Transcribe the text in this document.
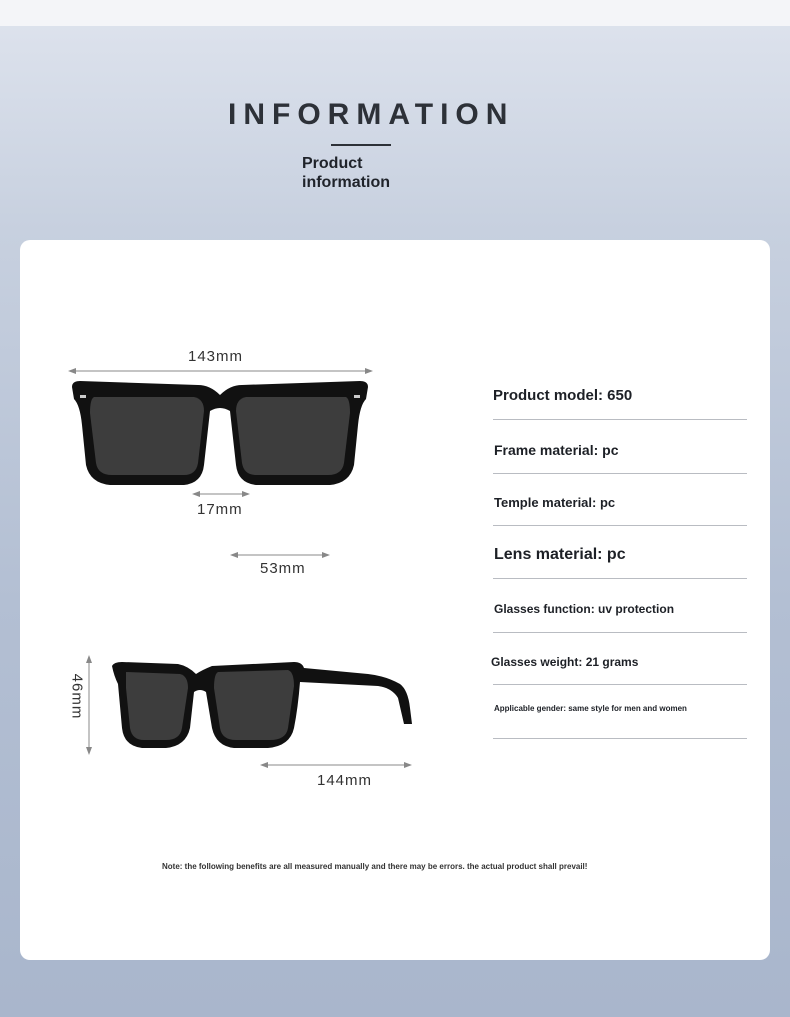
INFORMATION
Product information
143mm
17mm
53mm
46mm
144mm
Product model: 650
Frame material: pc
Temple material: pc
Lens material: pc
Glasses function: uv protection
Glasses weight: 21 grams
Applicable gender: same style for men and women
Note: the following benefits are all measured manually and there may be errors. the actual product shall prevail!
